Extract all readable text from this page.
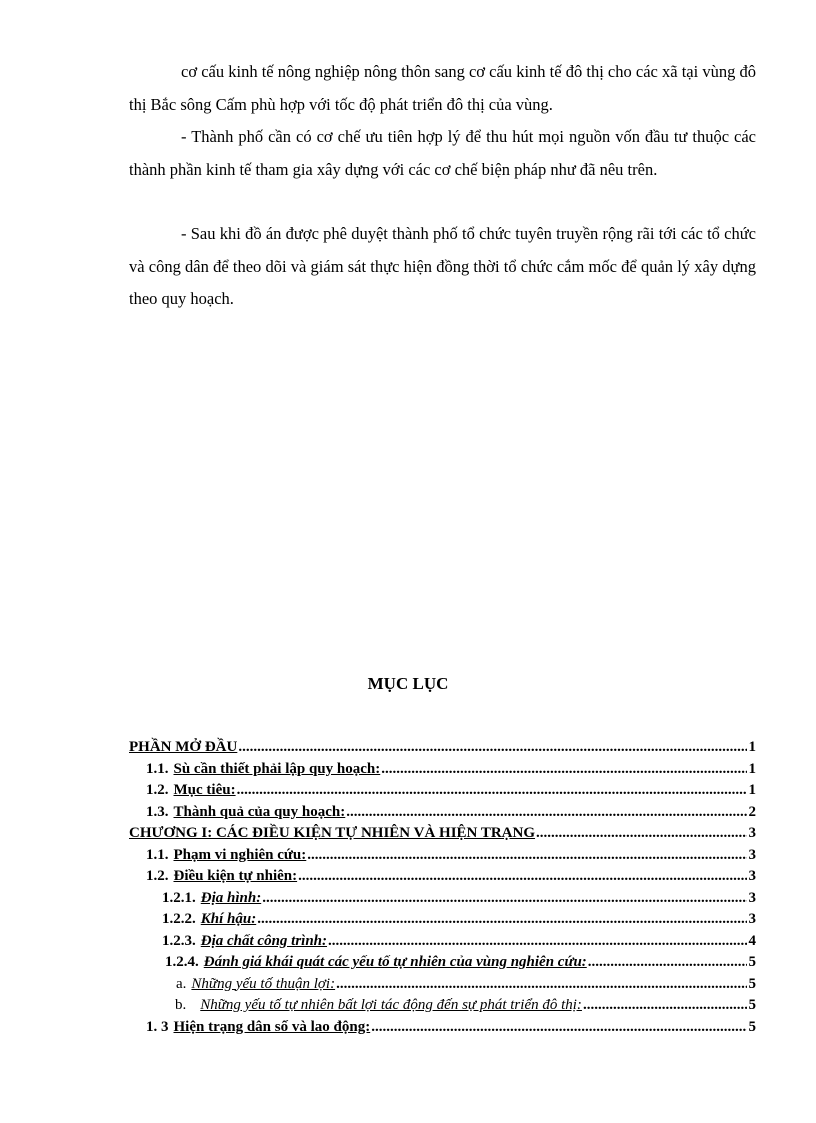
cơ cấu kinh tế nông nghiệp nông thôn sang cơ cấu kinh tế đô thị cho các xã tại vùng đô thị Bắc sông Cấm phù hợp với tốc độ phát triển đô thị của vùng.

- Thành phố cần có cơ chế ưu tiên hợp lý để thu hút mọi nguồn vốn đầu tư thuộc các thành phần kinh tế tham gia xây dựng với các cơ chế biện pháp như đã nêu trên.

- Sau khi đồ án được phê duyệt thành phố tổ chức tuyên truyền rộng rãi tới các tổ chức và công dân để theo dõi và giám sát thực hiện đồng thời tổ chức cắm mốc để quản lý xây dựng theo quy hoạch.

MỤC LỤC
PHẦN MỞ ĐẦU .....	1
1.1. Sù cần thiết phải lập quy hoạch: .....	1
1.2. Mục tiêu: .....	1
1.3. Thành quả của quy hoạch: .....	2
CHƯƠNG I: CÁC ĐIỀU KIỆN TỰ NHIÊN VÀ HIỆN TRẠNG .....	3
1.1. Phạm vi nghiên cứu: .....	3
1.2. Điều kiện tự nhiên: .....	3
1.2.1. Địa hình: .....	3
1.2.2. Khí hậu: .....	3
1.2.3. Địa chất công trình: .....	4
1.2.4. Đánh giá khái quát các yếu tố tự nhiên của vùng nghiên cứu: .....	5
a. Những yếu tố thuận lợi: .....	5
b. Những yếu tố tự nhiên bất lợi tác động đến sự phát triển đô thị: .....	5
1. 3 Hiện trạng dân số và lao động: .....	5
